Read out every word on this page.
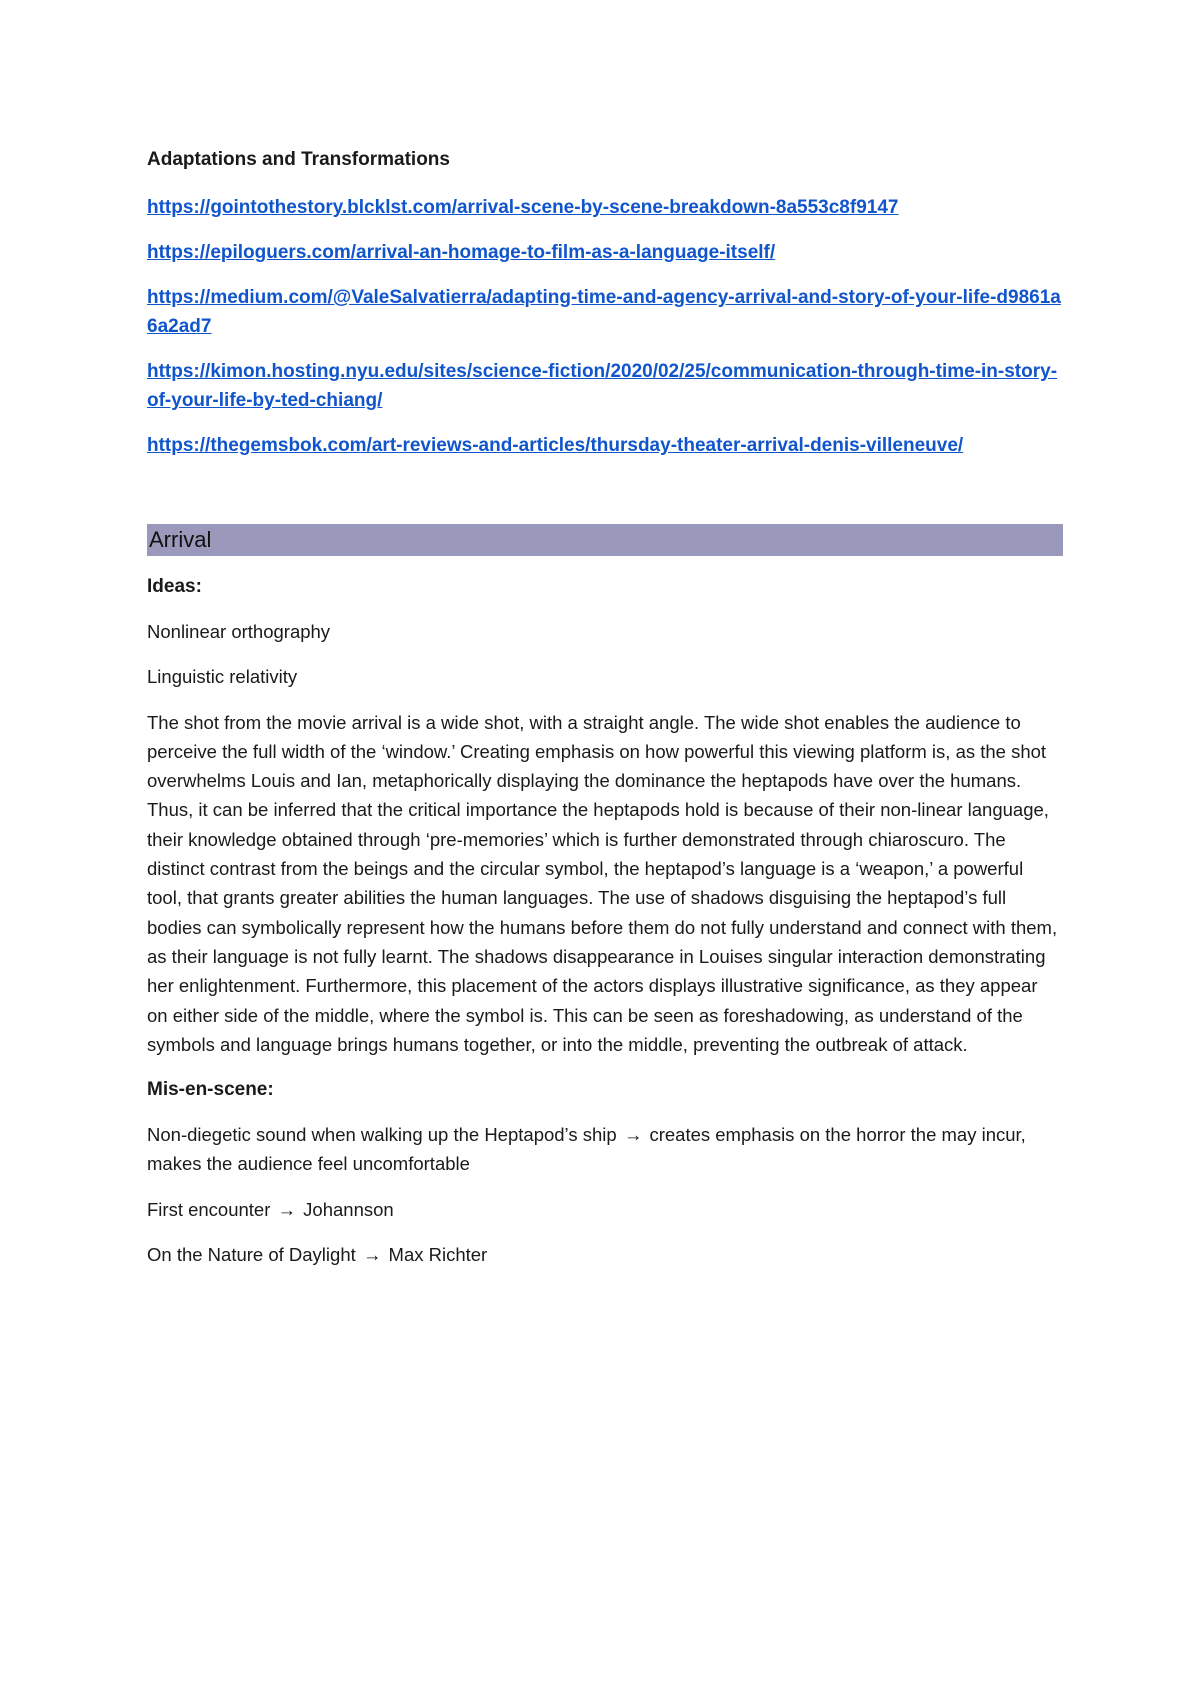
Adaptations and Transformations
https://gointothestory.blcklst.com/arrival-scene-by-scene-breakdown-8a553c8f9147
https://epiloguers.com/arrival-an-homage-to-film-as-a-language-itself/
https://medium.com/@ValeSalvatierra/adapting-time-and-agency-arrival-and-story-of-your-life-d9861a6a2ad7
https://kimon.hosting.nyu.edu/sites/science-fiction/2020/02/25/communication-through-time-in-story-of-your-life-by-ted-chiang/
https://thegemsbok.com/art-reviews-and-articles/thursday-theater-arrival-denis-villeneuve/
Arrival
Ideas:

Nonlinear orthography

Linguistic relativity

The shot from the movie arrival is a wide shot, with a straight angle. The wide shot enables the audience to perceive the full width of the ‘window.’ Creating emphasis on how powerful this viewing platform is, as the shot overwhelms Louis and Ian, metaphorically displaying the dominance the heptapods have over the humans. Thus, it can be inferred that the critical importance the heptapods hold is because of their non-linear language, their knowledge obtained through ‘pre-memories’ which is further demonstrated through chiaroscuro. The distinct contrast from the beings and the circular symbol, the heptapod’s language is a ‘weapon,’ a powerful tool, that grants greater abilities the human languages. The use of shadows disguising the heptapod’s full bodies can symbolically represent how the humans before them do not fully understand and connect with them, as their language is not fully learnt. The shadows disappearance in Louises singular interaction demonstrating her enlightenment. Furthermore, this placement of the actors displays illustrative significance, as they appear on either side of the middle, where the symbol is. This can be seen as foreshadowing, as understand of the symbols and language brings humans together, or into the middle, preventing the outbreak of attack.

Mis-en-scene:

Non-diegetic sound when walking up the Heptapod’s ship → creates emphasis on the horror the may incur, makes the audience feel uncomfortable

First encounter → Johannson

On the Nature of Daylight → Max Richter
